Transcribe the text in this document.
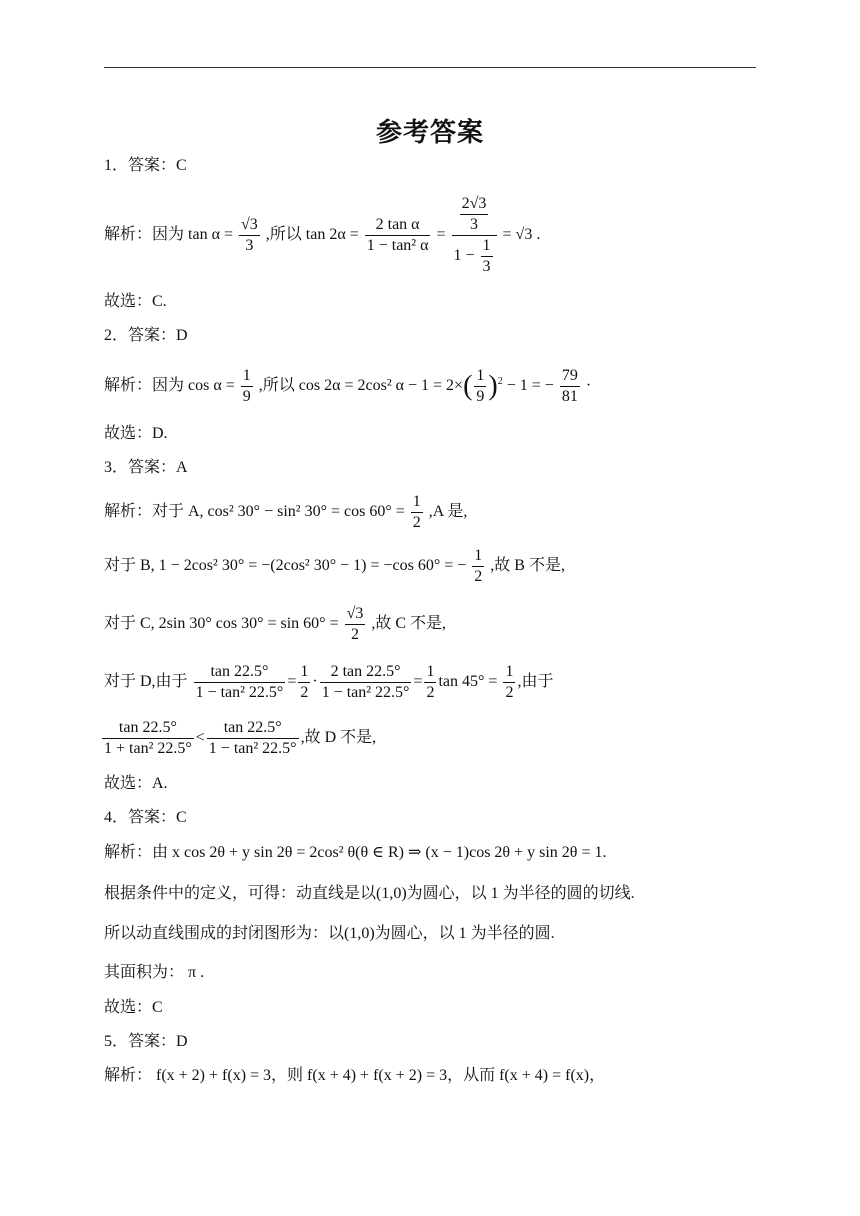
参考答案
1．答案：C
解析：因为 $\tan \alpha = \frac{√3}{3}$ ,所以 $\tan 2\alpha = \frac{\text{2 tan α}}{\text{1 − tan² α}} = \frac{\frac{2√3}{3}}{1 - \frac{1}{3}} = √3$ .
故选：C.
2．答案：D
解析：因为 $\cos \alpha = \frac{1}{9}$ ,所以 cos 2α = 2cos² $\alpha - 1 = 2\times( \frac{1}{9} )^2 - 1$ = − $\frac{79}{81}$ ·
故选：D.
3．答案：A
解析：对于 A, cos² 30° − sin² $30^\circ = \cos 60^\circ = \frac{1}{2} ,A$ 是,
对于 B, 1 − 2cos² 30° = −(2cos² 30° − 1) = −cos 60° = − $\frac{1}{2}$ ,故 B 不是,
对于 C, 2sin 30° $\cos 30^\circ = \sin 60^\circ = \frac{√3}{2}$ ,故 C 不是,
对于 D,由于 $\frac{\tan 22.5^\circ}{\text{1 − tan² 22.5°}} = \frac{1}{2} \cdot \frac{2 \tan 22.5^\circ}{\text{1 − tan² 22.5°}} = \frac{1}{2}$ $\tan 45^\circ = \frac{1}{2}$ ,由于
$\frac{\tan 22.5^\circ}{\text{1 + tan² 22.5°}} < \frac{\tan 22.5^\circ}{\text{1 − tan² 22.5°}}$ ,故 D 不是,
故选：A.
4．答案：C
解析：由 x cos 2θ + y sin 2θ = 2cos² θ(θ ∈ R) ⇒ (x − 1)cos 2θ + y sin 2θ = 1.
根据条件中的定义，可得：动直线是以(1,0)为圆心，以 1 为半径的圆的切线.
所以动直线围成的封闭图形为：以(1,0)为圆心，以 1 为半径的圆.
其面积为： π .
故选：C
5．答案：D
解析： f(x + 2) + f(x) = 3，则 f(x + 4) + f(x + 2) = 3，从而 f(x + 4) = f(x)，
